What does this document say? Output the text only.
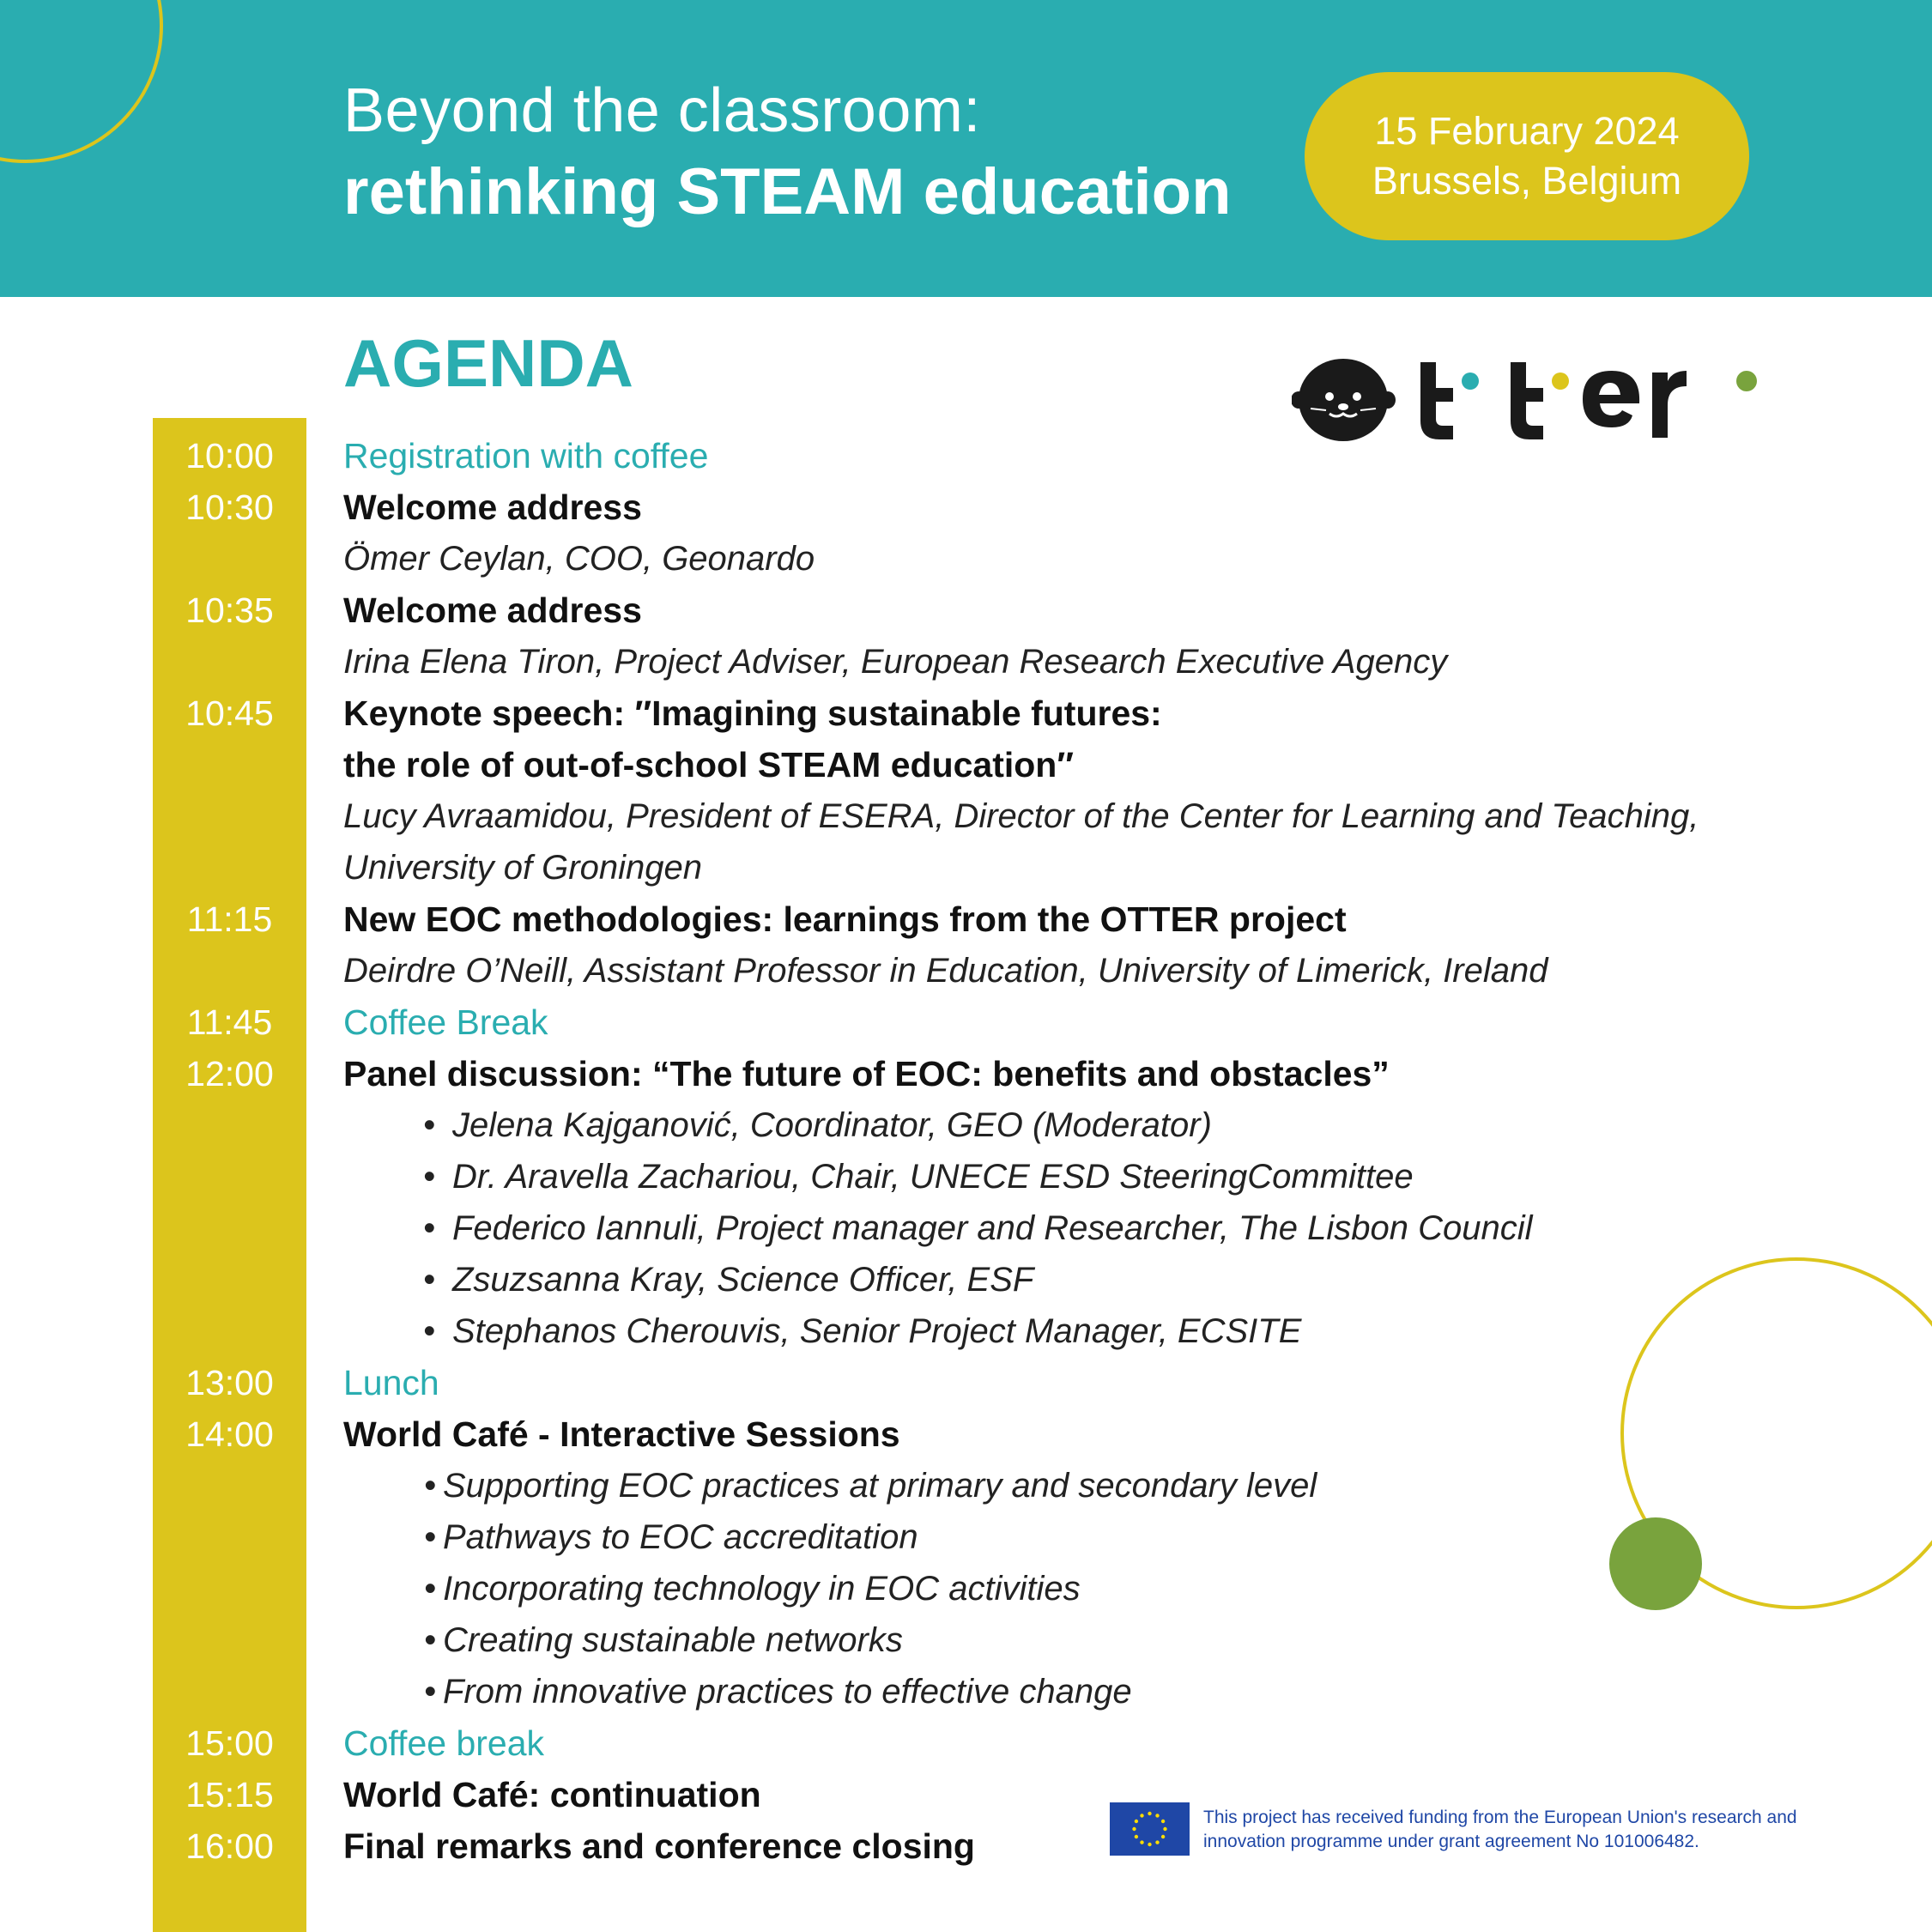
Beyond the classroom:
rethinking STEAM education
15 February 2024
Brussels, Belgium
AGENDA
10:00
10:30
10:35
10:45
11:15
11:45
12:00
13:00
14:00
15:00
15:15
16:00
Registration with coffee
Welcome address
Ömer Ceylan, COO, Geonardo
Welcome address
Irina Elena Tiron, Project Adviser, European Research Executive Agency
Keynote speech: ″Imagining sustainable futures:
the role of out-of-school STEAM education″
Lucy Avraamidou, President of ESERA, Director of the Center for Learning and Teaching,
University of Groningen
New EOC methodologies: learnings from the OTTER project
Deirdre O’Neill, Assistant Professor in Education, University of Limerick, Ireland
Coffee Break
Panel discussion: “The future of EOC: benefits and obstacles”
• Jelena Kajganović, Coordinator, GEO (Moderator)
• Dr. Aravella Zachariou, Chair, UNECE ESD SteeringCommittee
• Federico Iannuli, Project manager and Researcher, The Lisbon Council
• Zsuzsanna Kray, Science Officer, ESF
• Stephanos Cherouvis, Senior Project Manager, ECSITE
Lunch
World Café - Interactive Sessions
• Supporting EOC practices at primary and secondary level
• Pathways to EOC accreditation
• Incorporating technology in EOC activities
• Creating sustainable networks
• From innovative practices to effective change
Coffee break
World Café: continuation
Final remarks and conference closing
This project has received funding from the European Union's research and
innovation programme under grant agreement No 101006482.
